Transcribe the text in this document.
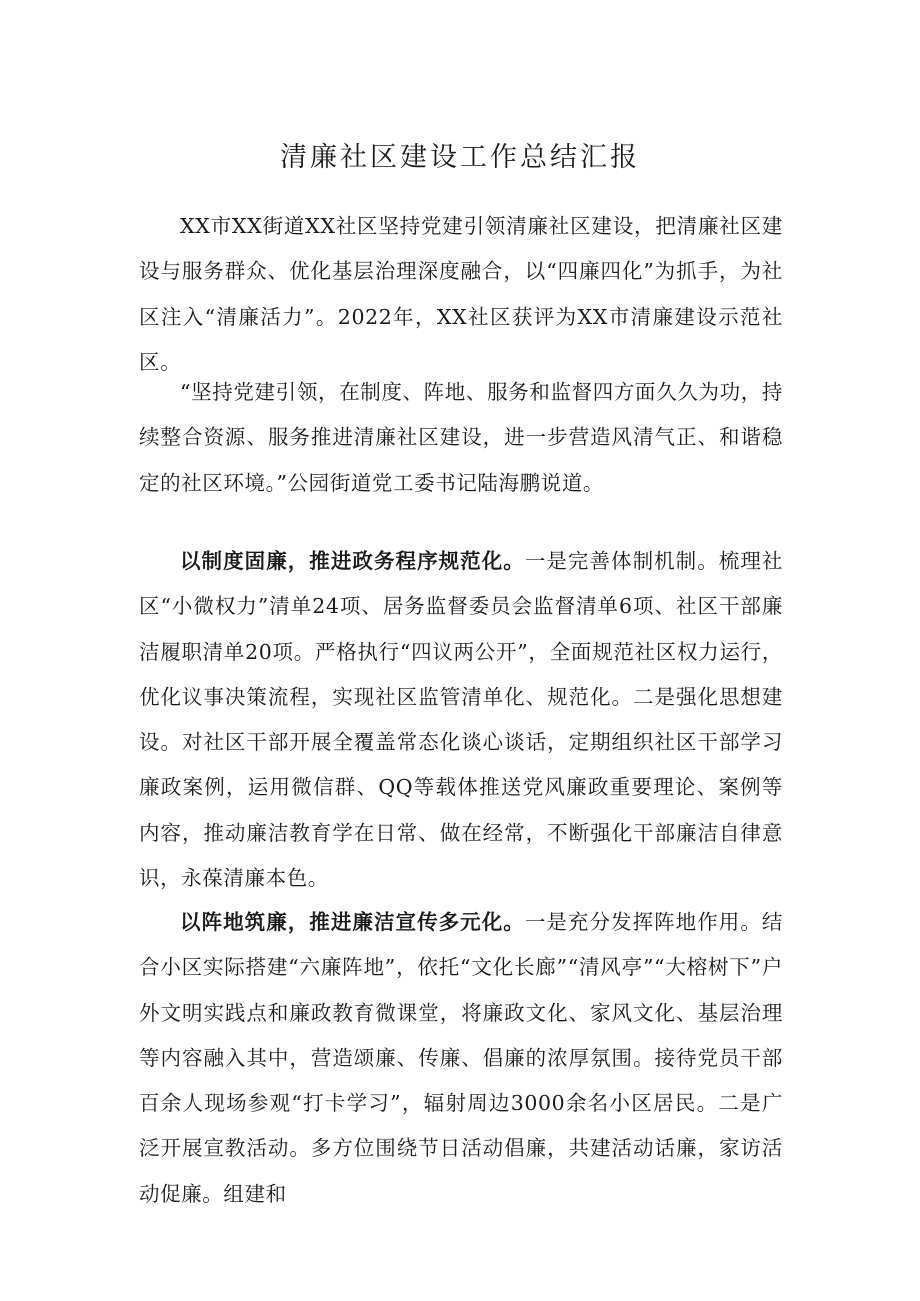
清廉社区建设工作总结汇报

XX市XX街道XX社区坚持党建引领清廉社区建设，把清廉社区建设与服务群众、优化基层治理深度融合，以“四廉四化”为抓手，为社区注入“清廉活力”。2022年，XX社区获评为XX市清廉建设示范社区。

“坚持党建引领，在制度、阵地、服务和监督四方面久久为功，持续整合资源、服务推进清廉社区建设，进一步营造风清气正、和谐稳定的社区环境。”公园街道党工委书记陆海鹏说道。

以制度固廉，推进政务程序规范化。一是完善体制机制。梳理社区“小微权力”清单24项、居务监督委员会监督清单6项、社区干部廉洁履职清单20项。严格执行“四议两公开”，全面规范社区权力运行，优化议事决策流程，实现社区监管清单化、规范化。二是强化思想建设。对社区干部开展全覆盖常态化谈心谈话，定期组织社区干部学习廉政案例，运用微信群、QQ等载体推送党风廉政重要理论、案例等内容，推动廉洁教育学在日常、做在经常，不断强化干部廉洁自律意识，永葆清廉本色。

以阵地筑廉，推进廉洁宣传多元化。一是充分发挥阵地作用。结合小区实际搭建“六廉阵地”，依托“文化长廊”“清风亭”“大榕树下”户外文明实践点和廉政教育微课堂，将廉政文化、家风文化、基层治理等内容融入其中，营造颂廉、传廉、倡廉的浓厚氛围。接待党员干部百余人现场参观“打卡学习”，辐射周边3000余名小区居民。二是广泛开展宣教活动。多方位围绕节日活动倡廉，共建活动话廉，家访活动促廉。组建和
